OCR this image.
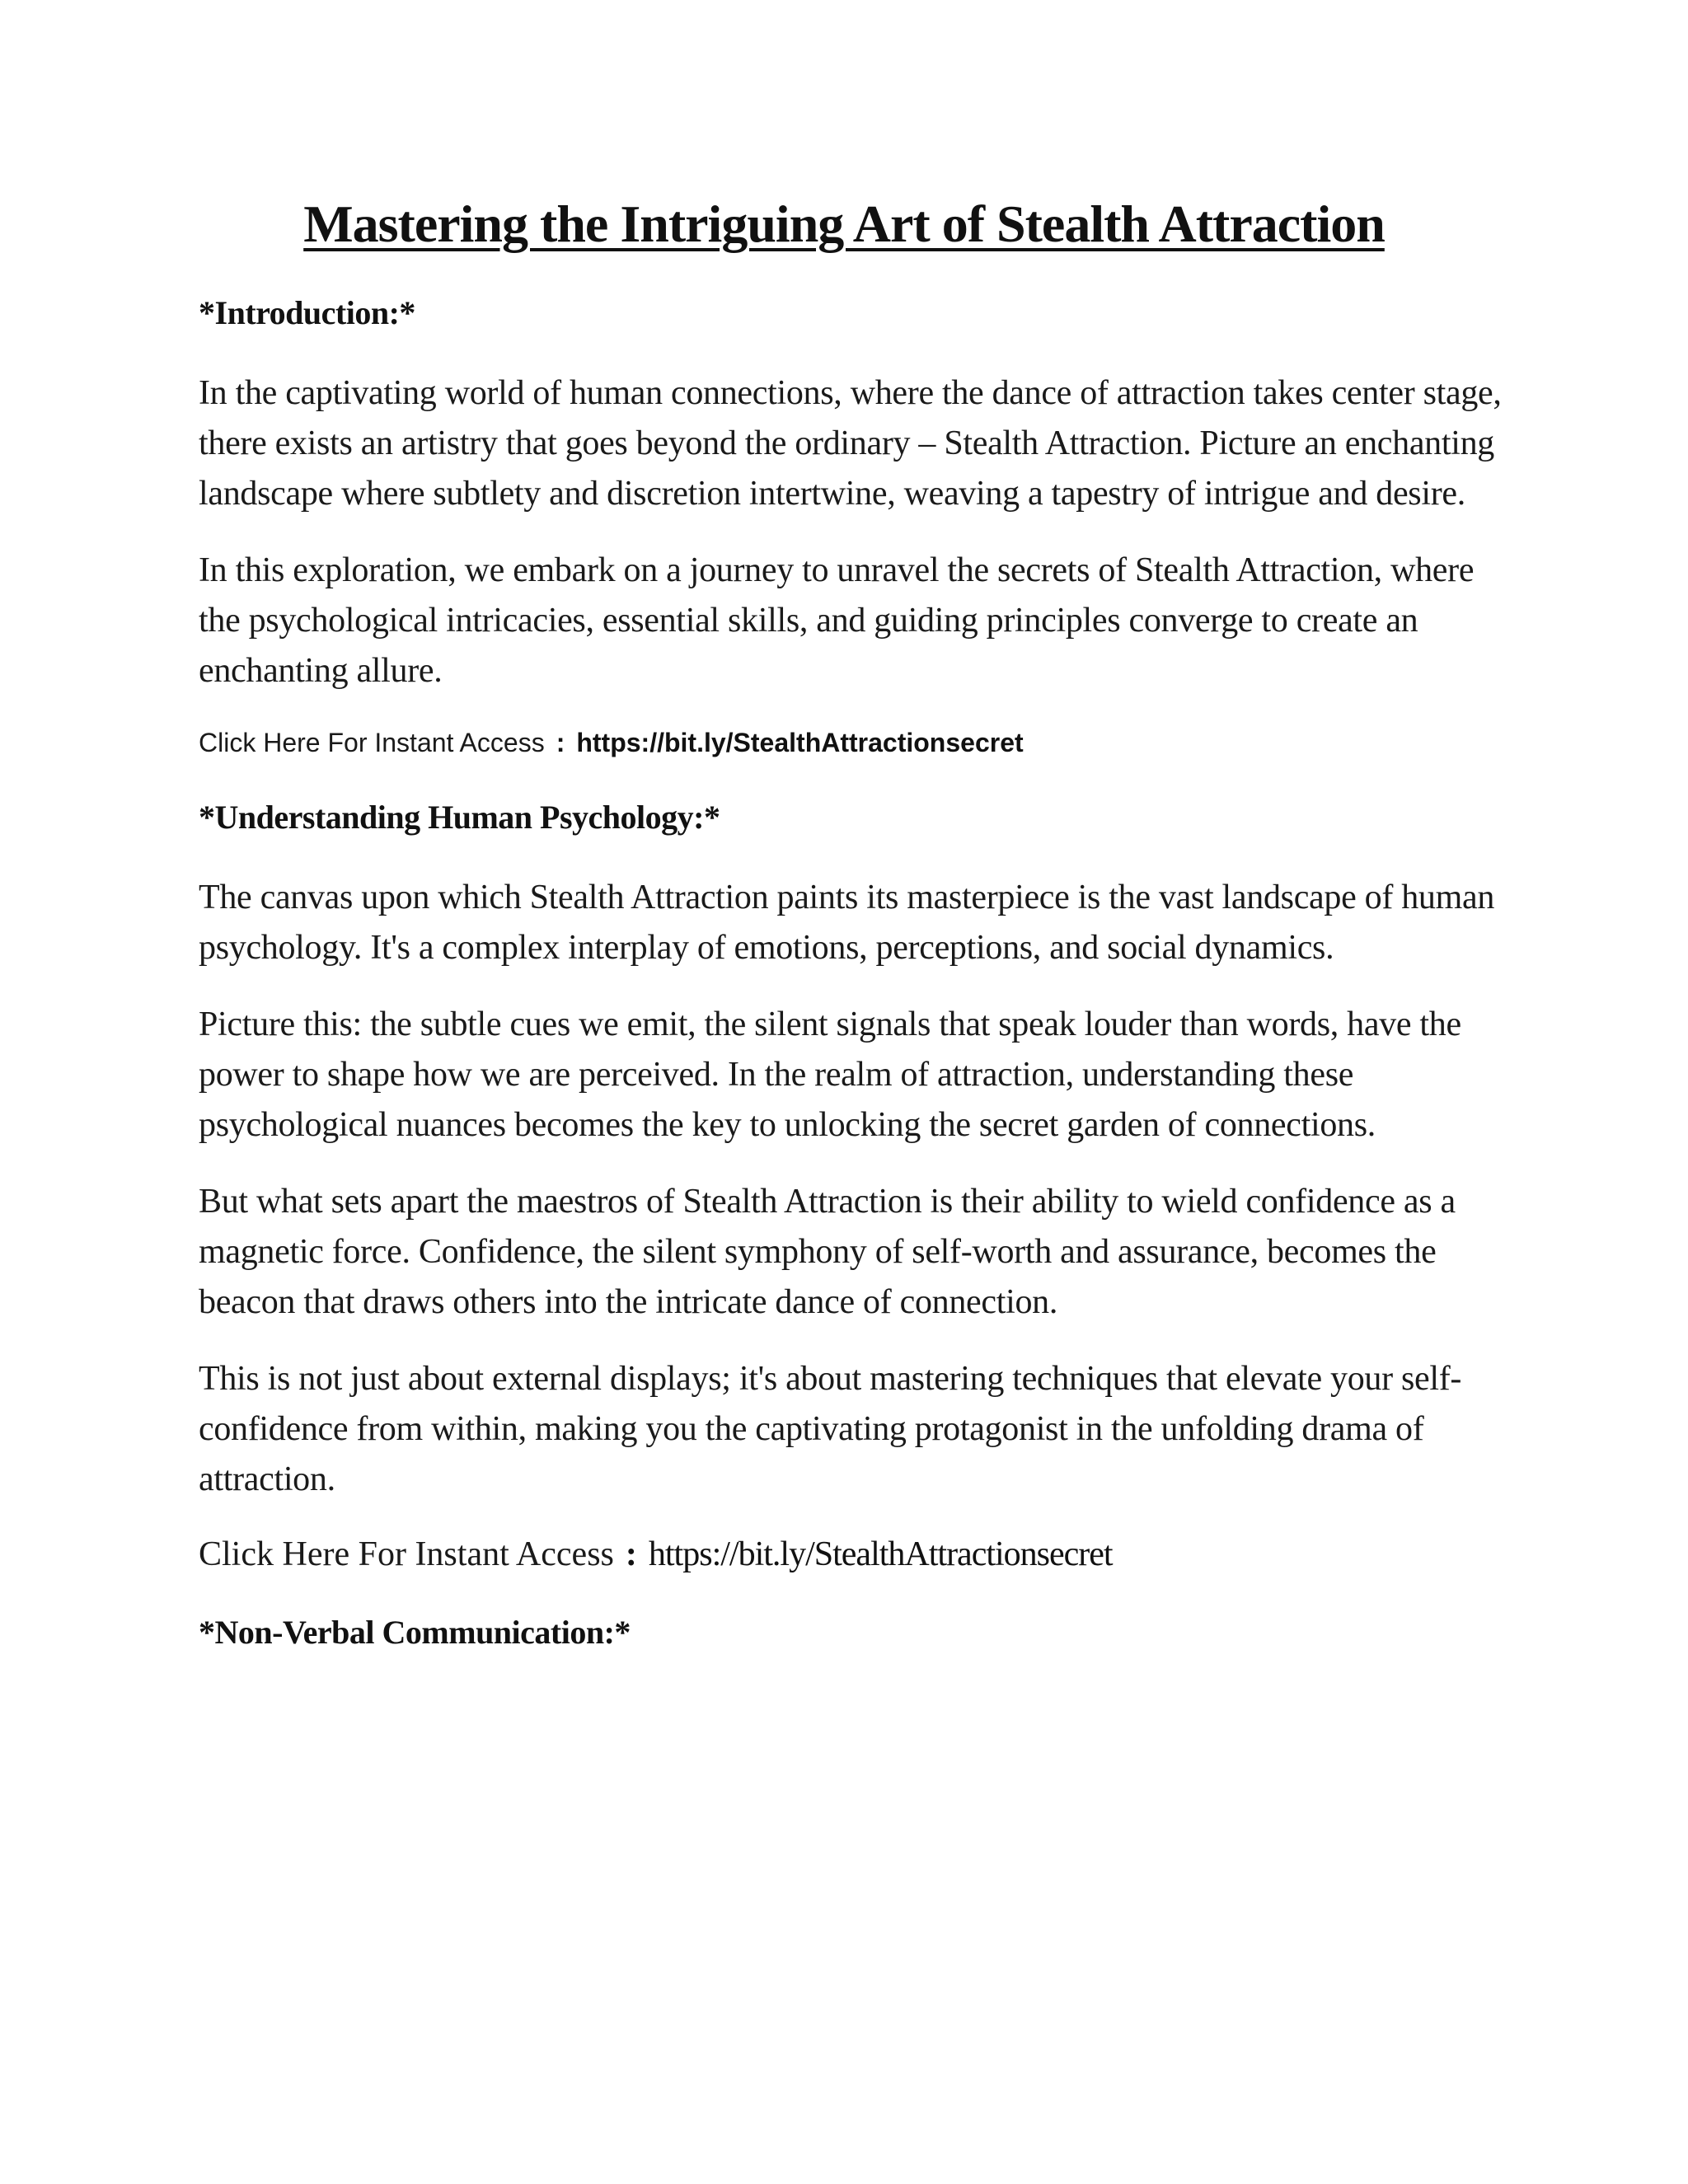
Mastering the Intriguing Art of Stealth Attraction
*Introduction:*

In the captivating world of human connections, where the dance of attraction takes center stage, there exists an artistry that goes beyond the ordinary – Stealth Attraction. Picture an enchanting landscape where subtlety and discretion intertwine, weaving a tapestry of intrigue and desire.

In this exploration, we embark on a journey to unravel the secrets of Stealth Attraction, where the psychological intricacies, essential skills, and guiding principles converge to create an enchanting allure.

Click Here For Instant Access : https://bit.ly/StealthAttractionsecret
*Understanding Human Psychology:*

The canvas upon which Stealth Attraction paints its masterpiece is the vast landscape of human psychology. It's a complex interplay of emotions, perceptions, and social dynamics.

Picture this: the subtle cues we emit, the silent signals that speak louder than words, have the power to shape how we are perceived. In the realm of attraction, understanding these psychological nuances becomes the key to unlocking the secret garden of connections.

But what sets apart the maestros of Stealth Attraction is their ability to wield confidence as a magnetic force. Confidence, the silent symphony of self-worth and assurance, becomes the beacon that draws others into the intricate dance of connection.

This is not just about external displays; it's about mastering techniques that elevate your self-confidence from within, making you the captivating protagonist in the unfolding drama of attraction.

Click Here For Instant Access : https://bit.ly/StealthAttractionsecret
*Non-Verbal Communication:*
